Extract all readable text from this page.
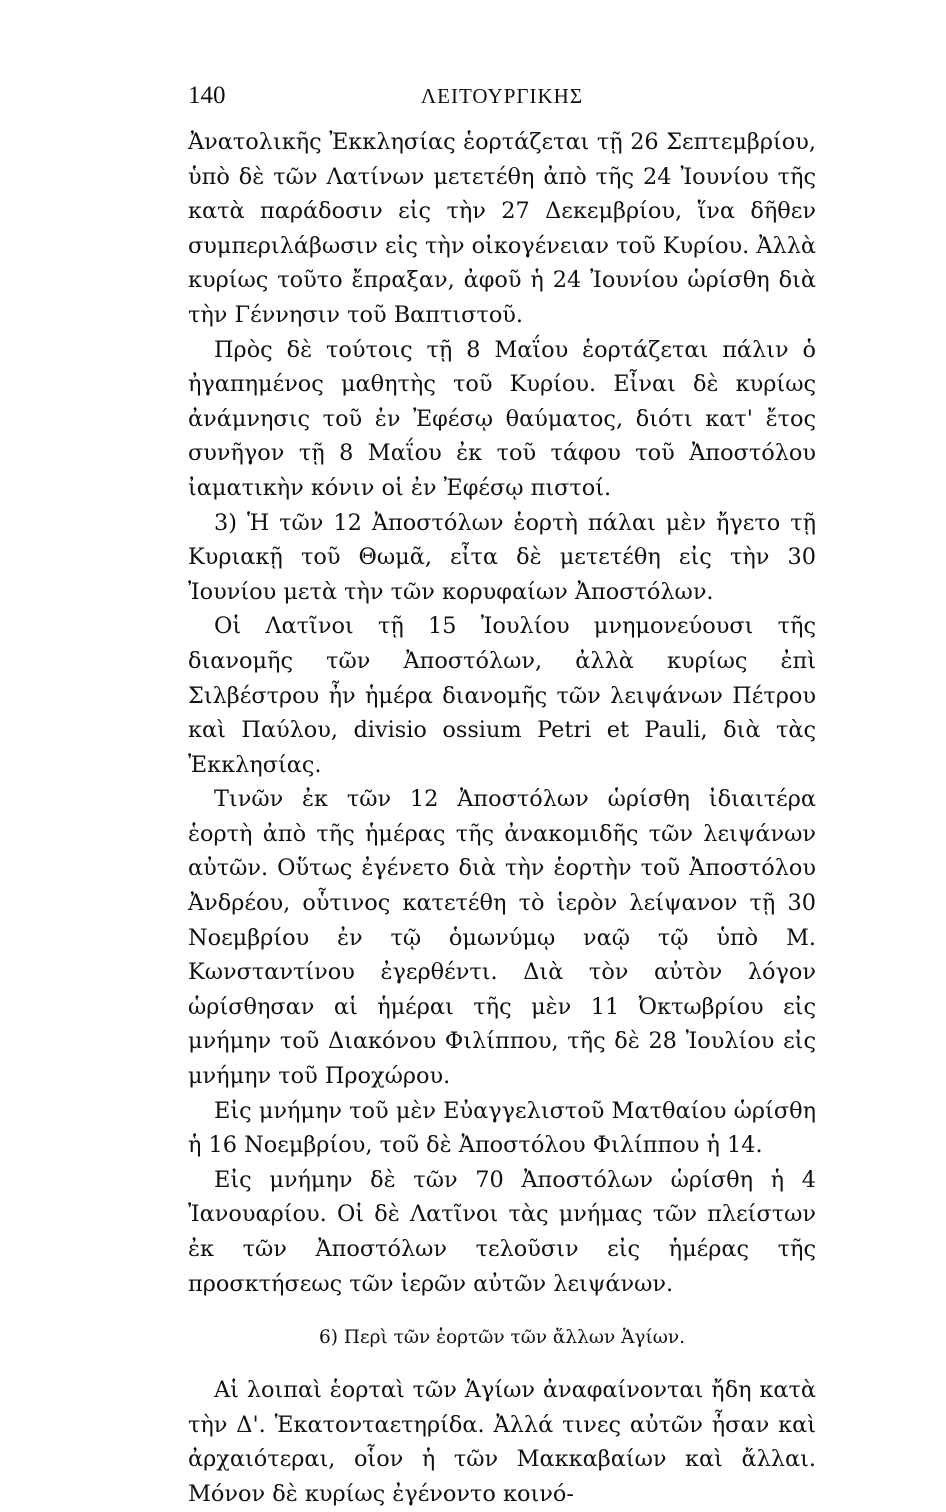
140	ΛΕΙΤΟΥΡΓΙΚΗΣ

Ἀνατολικῆς Ἐκκλησίας ἑορτάζεται τῇ 26 Σεπτεμβρίου, ὑπὸ δὲ τῶν Λατίνων μετετέθη ἀπὸ τῆς 24 Ἰουνίου τῆς κατὰ παράδοσιν εἰς τὴν 27 Δεκεμβρίου, ἵνα δῆθεν συμπεριλάβωσιν εἰς τὴν οἰκογένειαν τοῦ Κυρίου. Ἀλλὰ κυρίως τοῦτο ἔπραξαν, ἀφοῦ ἡ 24 Ἰουνίου ὡρίσθη διὰ τὴν Γέννησιν τοῦ Βαπτιστοῦ.

Πρὸς δὲ τούτοις τῇ 8 Μαΐου ἑορτάζεται πάλιν ὁ ἠγαπημένος μαθητὴς τοῦ Κυρίου. Εἶναι δὲ κυρίως ἀνάμνησις τοῦ ἐν Ἐφέσῳ θαύματος, διότι κατ' ἔτος συνῆγον τῇ 8 Μαΐου ἐκ τοῦ τάφου τοῦ Ἀποστόλου ἰαματικὴν κόνιν οἱ ἐν Ἐφέσῳ πιστοί.

3) Ἡ τῶν 12 Ἀποστόλων ἑορτὴ πάλαι μὲν ἤγετο τῇ Κυριακῇ τοῦ Θωμᾶ, εἶτα δὲ μετετέθη εἰς τὴν 30 Ἰουνίου μετὰ τὴν τῶν κορυφαίων Ἀποστόλων.

Οἱ Λατῖνοι τῇ 15 Ἰουλίου μνημονεύουσι τῆς διανομῆς τῶν Ἀποστόλων, ἀλλὰ κυρίως ἐπὶ Σιλβέστρου ἦν ἡμέρα διανομῆς τῶν λειψάνων Πέτρου καὶ Παύλου, divisio ossium Petri et Pauli, διὰ τὰς Ἐκκλησίας.

Τινῶν ἐκ τῶν 12 Ἀποστόλων ὡρίσθη ἰδιαιτέρα ἑορτὴ ἀπὸ τῆς ἡμέρας τῆς ἀνακομιδῆς τῶν λειψάνων αὐτῶν. Οὕτως ἐγένετο διὰ τὴν ἑορτὴν τοῦ Ἀποστόλου Ἀνδρέου, οὗτινος κατετέθη τὸ ἱερὸν λείψανον τῇ 30 Νοεμβρίου ἐν τῷ ὁμωνύμῳ ναῷ τῷ ὑπὸ Μ. Κωνσταντίνου ἐγερθέντι. Διὰ τὸν αὐτὸν λόγον ὡρίσθησαν αἱ ἡμέραι τῆς μὲν 11 Ὀκτωβρίου εἰς μνήμην τοῦ Διακόνου Φιλίππου, τῆς δὲ 28 Ἰουλίου εἰς μνήμην τοῦ Προχώρου.

Εἰς μνήμην τοῦ μὲν Εὐαγγελιστοῦ Ματθαίου ὡρίσθη ἡ 16 Νοεμβρίου, τοῦ δὲ Ἀποστόλου Φιλίππου ἡ 14.

Εἰς μνήμην δὲ τῶν 70 Ἀποστόλων ὡρίσθη ἡ 4 Ἰανουαρίου. Οἱ δὲ Λατῖνοι τὰς μνήμας τῶν πλείστων ἐκ τῶν Ἀποστόλων τελοῦσιν εἰς ἡμέρας τῆς προσκτήσεως τῶν ἱερῶν αὐτῶν λειψάνων.

6) Περὶ τῶν ἑορτῶν τῶν ἄλλων Ἁγίων.

Αἱ λοιπαὶ ἑορταὶ τῶν Ἁγίων ἀναφαίνονται ἤδη κατὰ τὴν Δ'. Ἑκατονταετηρίδα. Ἀλλά τινες αὐτῶν ἦσαν καὶ ἀρχαιότεραι, οἷον ἡ τῶν Μακκαβαίων καὶ ἄλλαι. Μόνον δὲ κυρίως ἐγένοντο κοινό-
